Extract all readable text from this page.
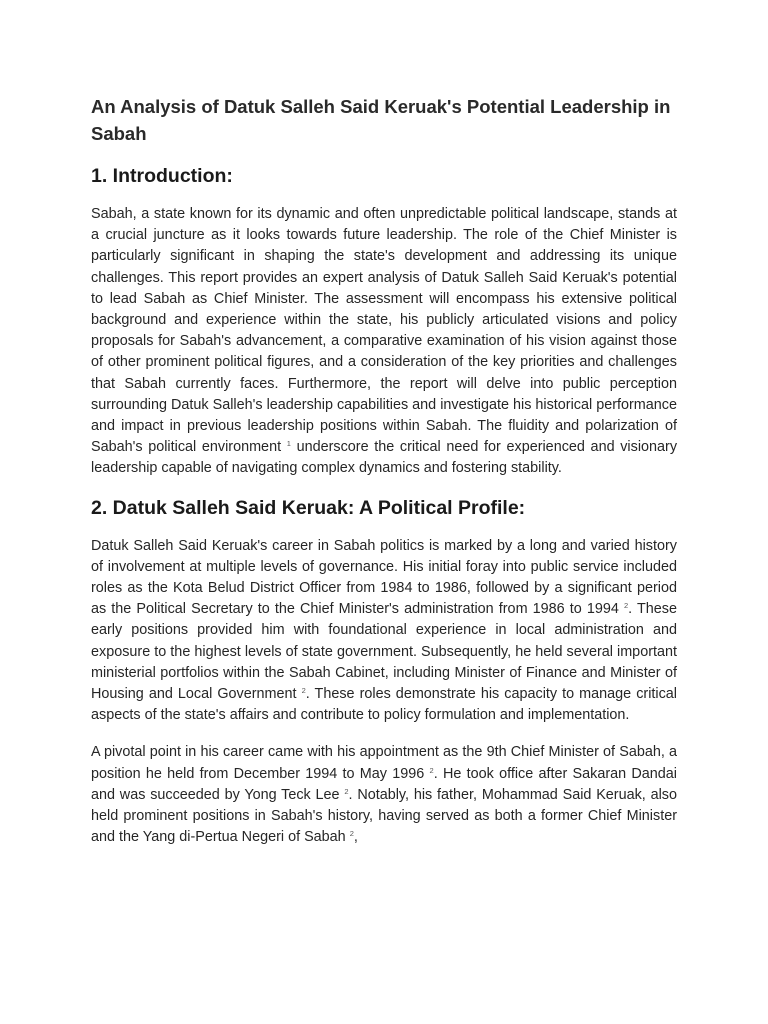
An Analysis of Datuk Salleh Said Keruak's Potential Leadership in Sabah
1. Introduction:

Sabah, a state known for its dynamic and often unpredictable political landscape, stands at a crucial juncture as it looks towards future leadership. The role of the Chief Minister is particularly significant in shaping the state's development and addressing its unique challenges. This report provides an expert analysis of Datuk Salleh Said Keruak's potential to lead Sabah as Chief Minister. The assessment will encompass his extensive political background and experience within the state, his publicly articulated visions and policy proposals for Sabah's advancement, a comparative examination of his vision against those of other prominent political figures, and a consideration of the key priorities and challenges that Sabah currently faces. Furthermore, the report will delve into public perception surrounding Datuk Salleh's leadership capabilities and investigate his historical performance and impact in previous leadership positions within Sabah. The fluidity and polarization of Sabah's political environment $^1$ underscore the critical need for experienced and visionary leadership capable of navigating complex dynamics and fostering stability.

2. Datuk Salleh Said Keruak: A Political Profile:

Datuk Salleh Said Keruak's career in Sabah politics is marked by a long and varied history of involvement at multiple levels of governance. His initial foray into public service included roles as the Kota Belud District Officer from 1984 to 1986, followed by a significant period as the Political Secretary to the Chief Minister's administration from 1986 to 1994 $^2$. These early positions provided him with foundational experience in local administration and exposure to the highest levels of state government. Subsequently, he held several important ministerial portfolios within the Sabah Cabinet, including Minister of Finance and Minister of Housing and Local Government $^2$. These roles demonstrate his capacity to manage critical aspects of the state's affairs and contribute to policy formulation and implementation.

A pivotal point in his career came with his appointment as the 9th Chief Minister of Sabah, a position he held from December 1994 to May 1996 $^2$. He took office after Sakaran Dandai and was succeeded by Yong Teck Lee $^2$. Notably, his father, Mohammad Said Keruak, also held prominent positions in Sabah's history, having served as both a former Chief Minister and the Yang di-Pertua Negeri of Sabah $^2$,
